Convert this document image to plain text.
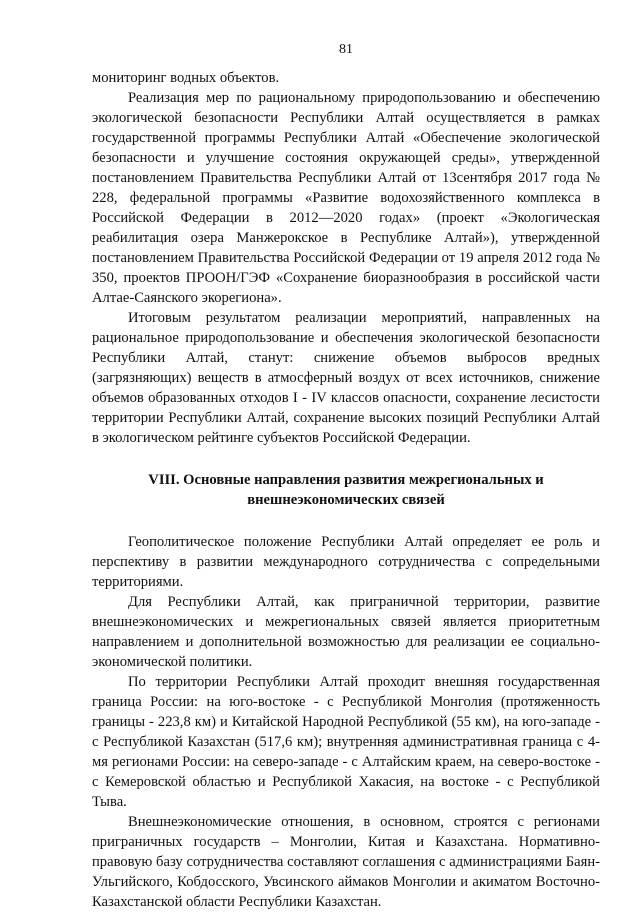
81

мониторинг водных объектов.

Реализация мер по рациональному природопользованию и обеспечению экологической безопасности Республики Алтай осуществляется в рамках государственной программы Республики Алтай «Обеспечение экологической безопасности и улучшение состояния окружающей среды», утвержденной постановлением Правительства Республики Алтай от 13сентября 2017 года № 228, федеральной программы «Развитие водохозяйственного комплекса в Российской Федерации в 2012—2020 годах» (проект «Экологическая реабилитация озера Манжерокское в Республике Алтай»), утвержденной постановлением Правительства Российской Федерации от 19 апреля 2012 года № 350, проектов ПРООН/ГЭФ «Сохранение биоразнообразия в российской части Алтае-Саянского экорегиона».

Итоговым результатом реализации мероприятий, направленных на рациональное природопользование и обеспечения экологической безопасности Республики Алтай, станут: снижение объемов выбросов вредных (загрязняющих) веществ в атмосферный воздух от всех источников, снижение объемов образованных отходов I - IV классов опасности, сохранение лесистости территории Республики Алтай, сохранение высоких позиций Республики Алтай в экологическом рейтинге субъектов Российской Федерации.

VIII. Основные направления развития межрегиональных и
внешнеэкономических связей

Геополитическое положение Республики Алтай определяет ее роль и перспективу в развитии международного сотрудничества с сопредельными территориями.

Для Республики Алтай, как приграничной территории, развитие внешнеэкономических и межрегиональных связей является приоритетным направлением и дополнительной возможностью для реализации ее социально-экономической политики.

По территории Республики Алтай проходит внешняя государственная граница России: на юго-востоке - с Республикой Монголия (протяженность границы - 223,8 км) и Китайской Народной Республикой (55 км), на юго-западе - с Республикой Казахстан (517,6 км); внутренняя административная граница с 4-мя регионами России: на северо-западе - с Алтайским краем, на северо-востоке - с Кемеровской областью и Республикой Хакасия, на востоке - с Республикой Тыва.

Внешнеэкономические отношения, в основном, строятся с регионами приграничных государств – Монголии, Китая и Казахстана. Нормативно-правовую базу сотрудничества составляют соглашения с администрациями Баян-Ульгийского, Кобдосского, Увсинского аймаков Монголии и акиматом Восточно-Казахстанской области Республики Казахстан.
